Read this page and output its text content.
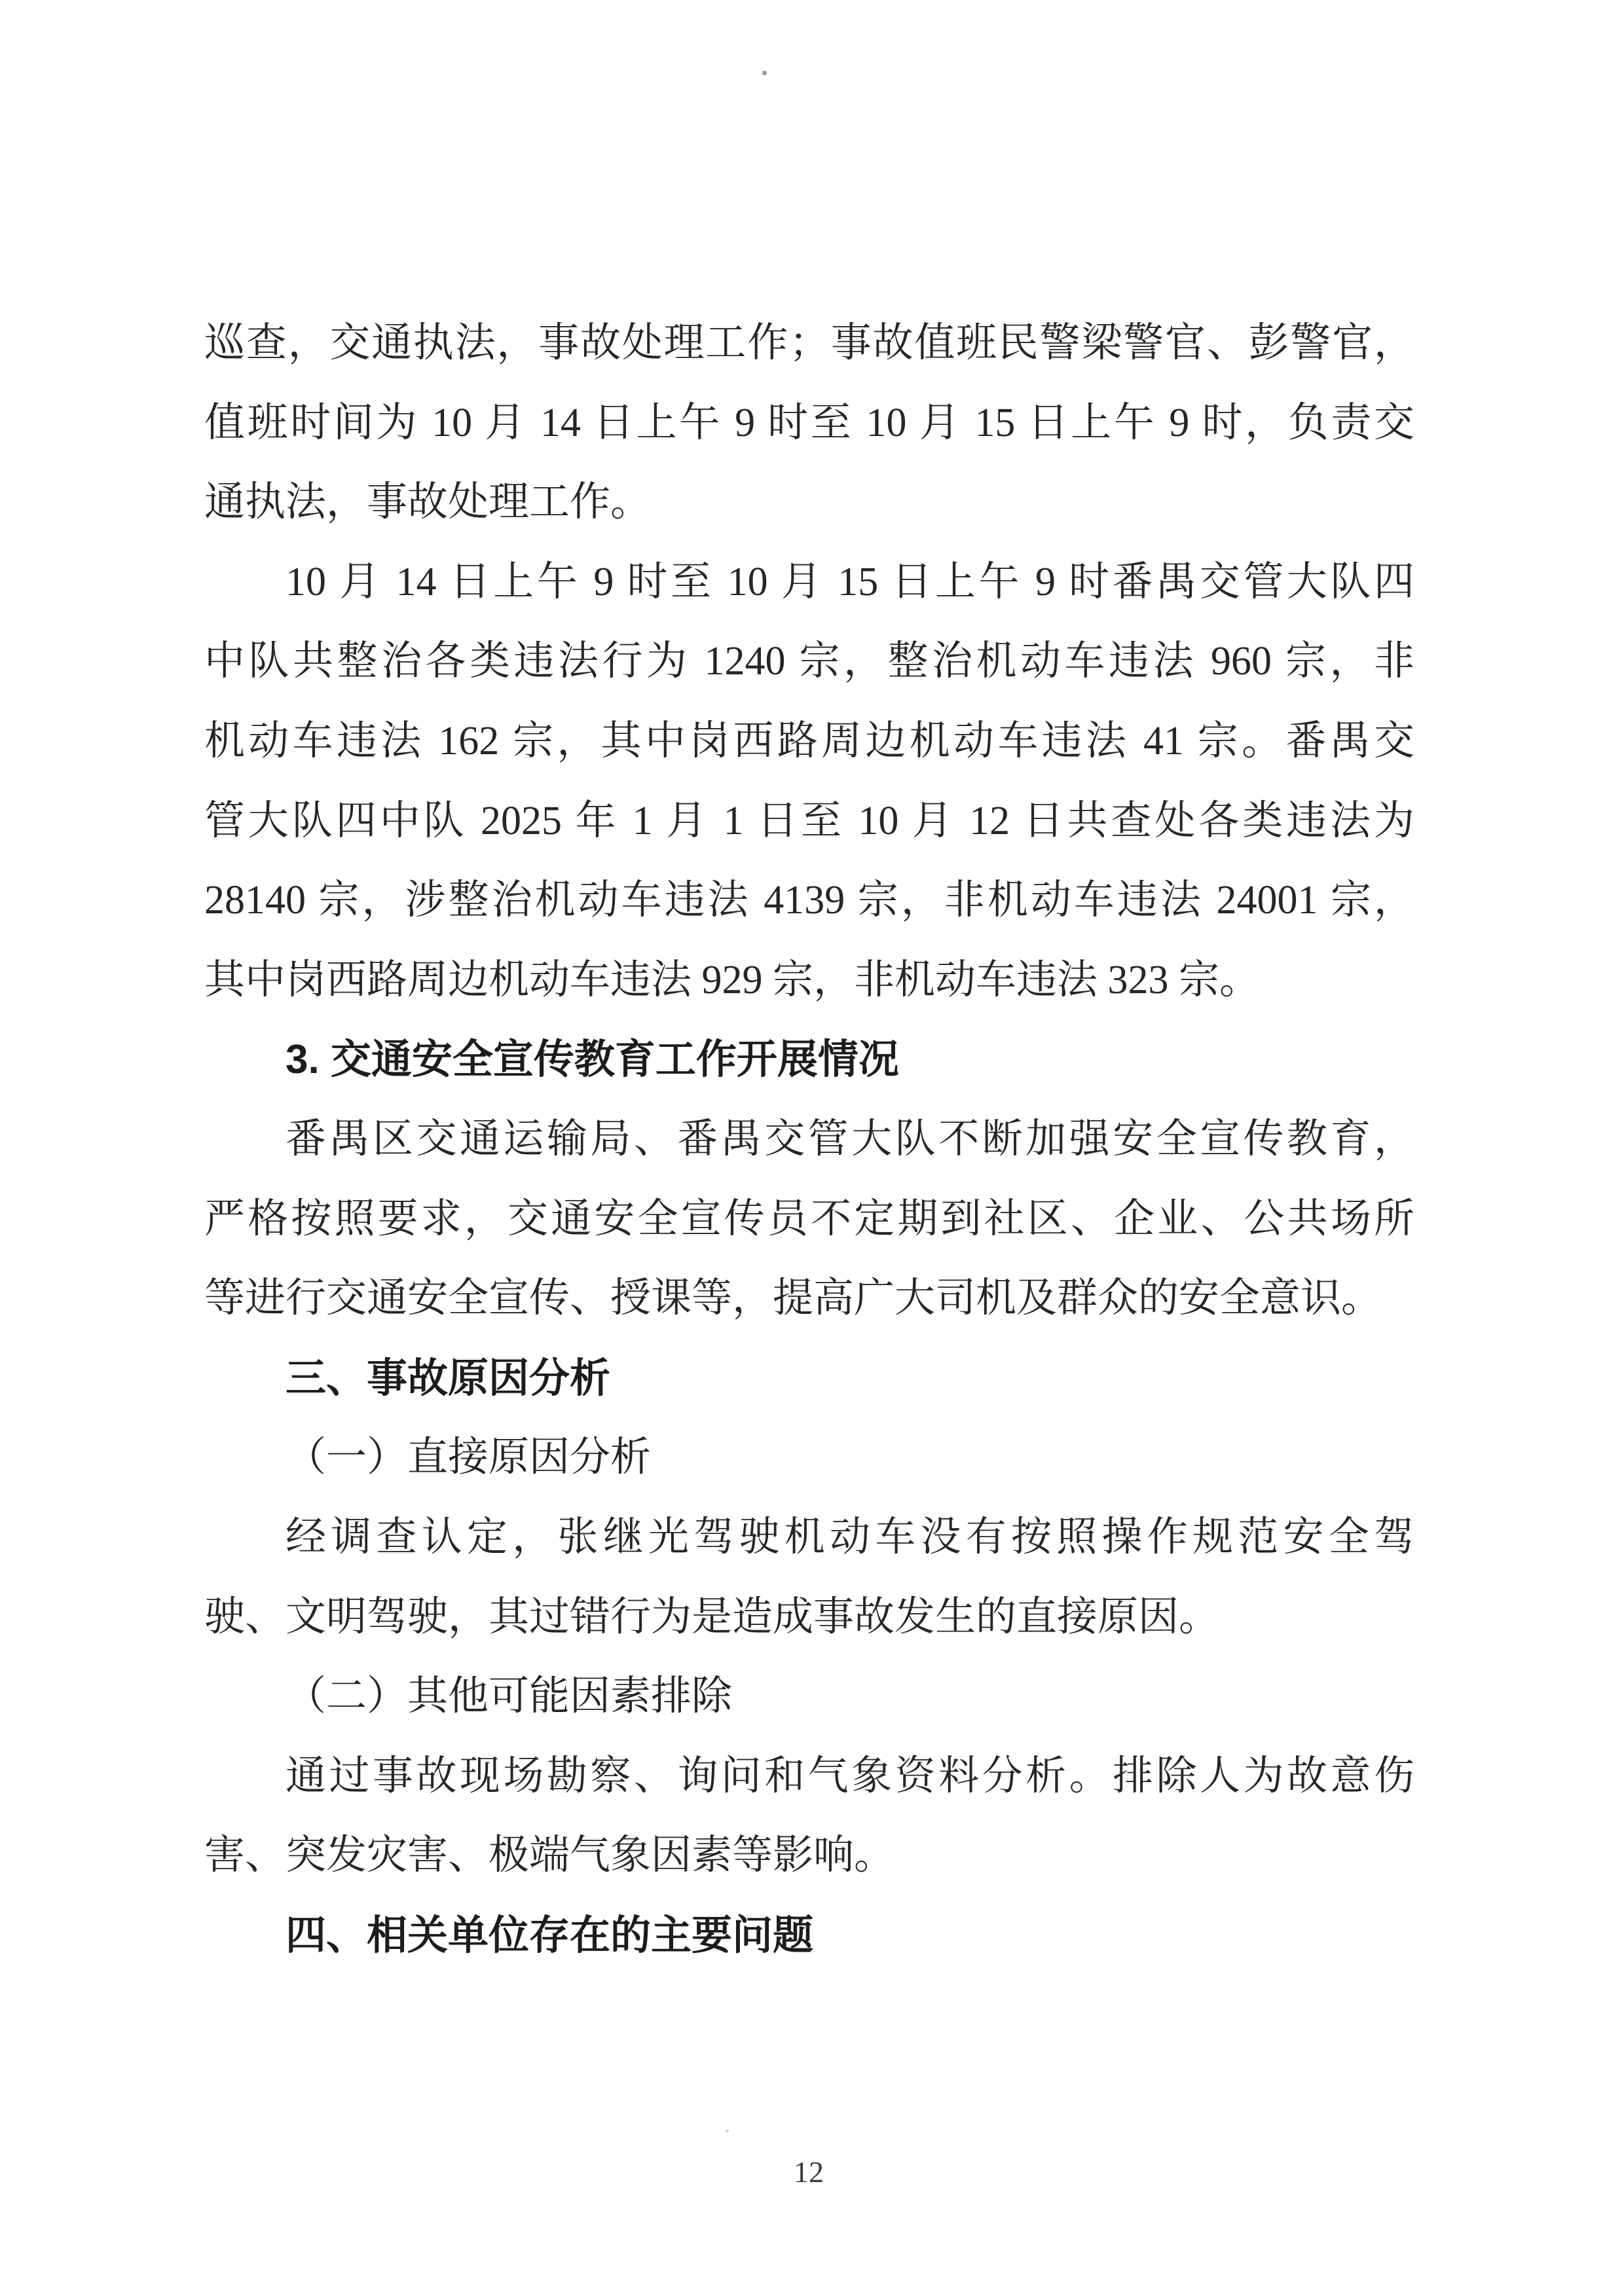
巡查，交通执法，事故处理工作；事故值班民警梁警官、彭警官，
值班时间为 10 月 14 日上午 9 时至 10 月 15 日上午 9 时，负责交
通执法，事故处理工作。
10 月 14 日上午 9 时至 10 月 15 日上午 9 时番禺交管大队四
中队共整治各类违法行为 1240 宗，整治机动车违法 960 宗，非
机动车违法 162 宗，其中岗西路周边机动车违法 41 宗。番禺交
管大队四中队 2025 年 1 月 1 日至 10 月 12 日共查处各类违法为
28140 宗，涉整治机动车违法 4139 宗，非机动车违法 24001 宗，
其中岗西路周边机动车违法 929 宗，非机动车违法 323 宗。
3. 交通安全宣传教育工作开展情况
番禺区交通运输局、番禺交管大队不断加强安全宣传教育，
严格按照要求，交通安全宣传员不定期到社区、企业、公共场所
等进行交通安全宣传、授课等，提高广大司机及群众的安全意识。
三、事故原因分析
（一）直接原因分析
经调查认定，张继光驾驶机动车没有按照操作规范安全驾
驶、文明驾驶，其过错行为是造成事故发生的直接原因。
（二）其他可能因素排除
通过事故现场勘察、询问和气象资料分析。排除人为故意伤
害、突发灾害、极端气象因素等影响。
四、相关单位存在的主要问题
12
